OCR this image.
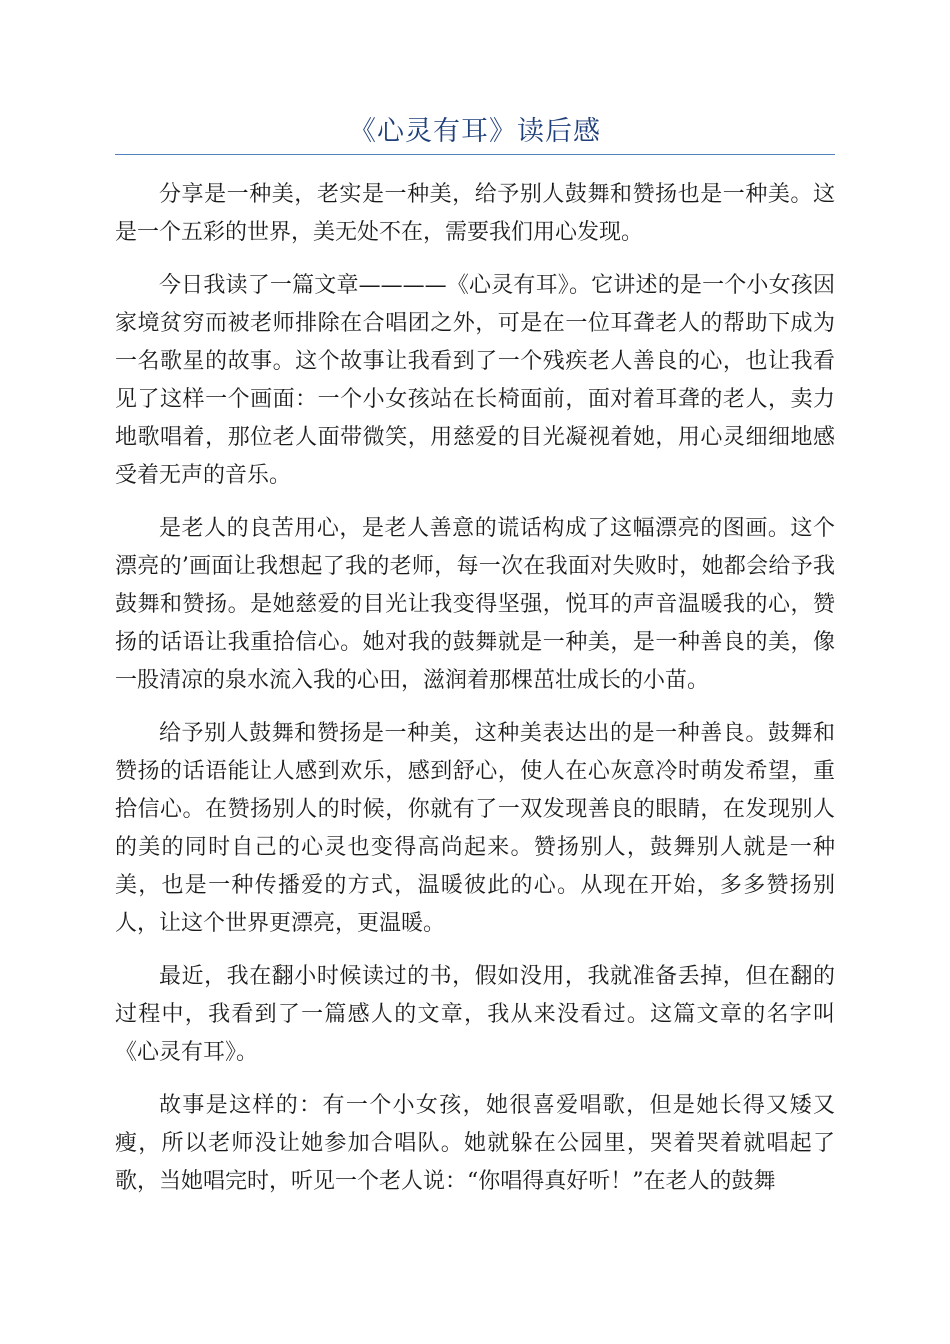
《心灵有耳》读后感

分享是一种美，老实是一种美，给予别人鼓舞和赞扬也是一种美。这是一个五彩的世界，美无处不在，需要我们用心发现。

今日我读了一篇文章————《心灵有耳》。它讲述的是一个小女孩因家境贫穷而被老师排除在合唱团之外，可是在一位耳聋老人的帮助下成为一名歌星的故事。这个故事让我看到了一个残疾老人善良的心，也让我看见了这样一个画面：一个小女孩站在长椅面前，面对着耳聋的老人，卖力地歌唱着，那位老人面带微笑，用慈爱的目光凝视着她，用心灵细细地感受着无声的音乐。

是老人的良苦用心，是老人善意的谎话构成了这幅漂亮的图画。这个漂亮的’画面让我想起了我的老师，每一次在我面对失败时，她都会给予我鼓舞和赞扬。是她慈爱的目光让我变得坚强，悦耳的声音温暖我的心，赞扬的话语让我重拾信心。她对我的鼓舞就是一种美，是一种善良的美，像一股清凉的泉水流入我的心田，滋润着那棵茁壮成长的小苗。

给予别人鼓舞和赞扬是一种美，这种美表达出的是一种善良。鼓舞和赞扬的话语能让人感到欢乐，感到舒心，使人在心灰意冷时萌发希望，重拾信心。在赞扬别人的时候，你就有了一双发现善良的眼睛，在发现别人的美的同时自己的心灵也变得高尚起来。赞扬别人，鼓舞别人就是一种美，也是一种传播爱的方式，温暖彼此的心。从现在开始，多多赞扬别人，让这个世界更漂亮，更温暖。

最近，我在翻小时候读过的书，假如没用，我就准备丢掉，但在翻的过程中，我看到了一篇感人的文章，我从来没看过。这篇文章的名字叫《心灵有耳》。

故事是这样的：有一个小女孩，她很喜爱唱歌，但是她长得又矮又瘦，所以老师没让她参加合唱队。她就躲在公园里，哭着哭着就唱起了歌，当她唱完时，听见一个老人说：“你唱得真好听！”在老人的鼓舞
